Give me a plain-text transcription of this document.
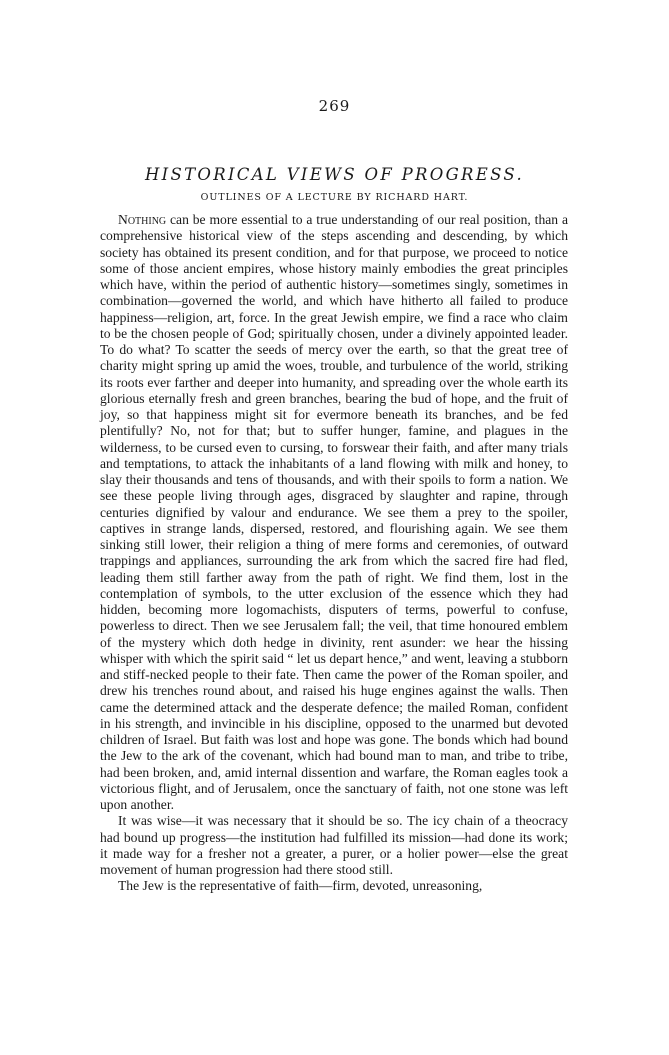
269
HISTORICAL VIEWS OF PROGRESS.
OUTLINES OF A LECTURE BY RICHARD HART.

Nothing can be more essential to a true understanding of our real position, than a comprehensive historical view of the steps ascending and descending, by which society has obtained its present condition, and for that purpose, we proceed to notice some of those ancient empires, whose history mainly embodies the great principles which have, within the period of authentic history—sometimes singly, sometimes in combination—governed the world, and which have hitherto all failed to produce happiness—religion, art, force. In the great Jewish empire, we find a race who claim to be the chosen people of God; spiritually chosen, under a divinely appointed leader. To do what? To scatter the seeds of mercy over the earth, so that the great tree of charity might spring up amid the woes, trouble, and turbulence of the world, striking its roots ever farther and deeper into humanity, and spreading over the whole earth its glorious eternally fresh and green branches, bearing the bud of hope, and the fruit of joy, so that happiness might sit for evermore beneath its branches, and be fed plentifully? No, not for that; but to suffer hunger, famine, and plagues in the wilderness, to be cursed even to cursing, to forswear their faith, and after many trials and temptations, to attack the inhabitants of a land flowing with milk and honey, to slay their thousands and tens of thousands, and with their spoils to form a nation. We see these people living through ages, disgraced by slaughter and rapine, through centuries dignified by valour and endurance. We see them a prey to the spoiler, captives in strange lands, dispersed, restored, and flourishing again. We see them sinking still lower, their religion a thing of mere forms and ceremonies, of outward trappings and appliances, surrounding the ark from which the sacred fire had fled, leading them still farther away from the path of right. We find them, lost in the contemplation of symbols, to the utter exclusion of the essence which they had hidden, becoming more logomachists, disputers of terms, powerful to confuse, powerless to direct. Then we see Jerusalem fall; the veil, that time honoured emblem of the mystery which doth hedge in divinity, rent asunder: we hear the hissing whisper with which the spirit said “ let us depart hence,” and went, leaving a stubborn and stiff-necked people to their fate. Then came the power of the Roman spoiler, and drew his trenches round about, and raised his huge engines against the walls. Then came the determined attack and the desperate defence; the mailed Roman, confident in his strength, and invincible in his discipline, opposed to the unarmed but devoted children of Israel. But faith was lost and hope was gone. The bonds which had bound the Jew to the ark of the covenant, which had bound man to man, and tribe to tribe, had been broken, and, amid internal dissention and warfare, the Roman eagles took a victorious flight, and of Jerusalem, once the sanctuary of faith, not one stone was left upon another.

It was wise—it was necessary that it should be so. The icy chain of a theocracy had bound up progress—the institution had fulfilled its mission—had done its work; it made way for a fresher not a greater, a purer, or a holier power—else the great movement of human progression had there stood still.

The Jew is the representative of faith—firm, devoted, unreasoning,
